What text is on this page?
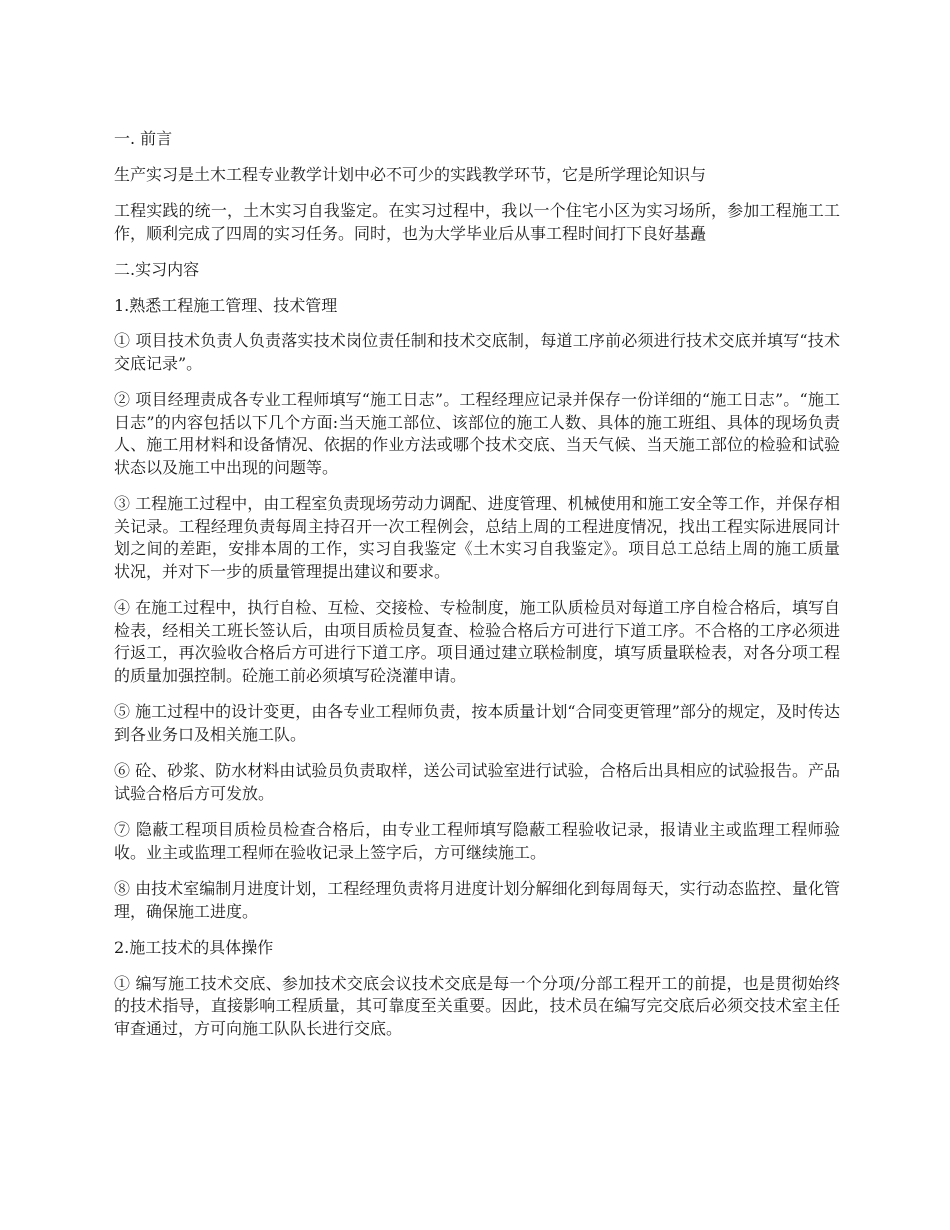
一. 前言

生产实习是土木工程专业教学计划中必不可少的实践教学环节，它是所学理论知识与

工程实践的统一，土木实习自我鉴定。在实习过程中，我以一个住宅小区为实习场所，参加工程施工工作，顺利完成了四周的实习任务。同时，也为大学毕业后从事工程时间打下良好基矗

二.实习内容

1.熟悉工程施工管理、技术管理

① 项目技术负责人负责落实技术岗位责任制和技术交底制，每道工序前必须进行技术交底并填写“技术交底记录”。

② 项目经理责成各专业工程师填写“施工日志”。工程经理应记录并保存一份详细的“施工日志”。“施工日志”的内容包括以下几个方面:当天施工部位、该部位的施工人数、具体的施工班组、具体的现场负责人、施工用材料和设备情况、依据的作业方法或哪个技术交底、当天气候、当天施工部位的检验和试验状态以及施工中出现的问题等。

③ 工程施工过程中，由工程室负责现场劳动力调配、进度管理、机械使用和施工安全等工作，并保存相关记录。工程经理负责每周主持召开一次工程例会，总结上周的工程进度情况，找出工程实际进展同计划之间的差距，安排本周的工作，实习自我鉴定《土木实习自我鉴定》。项目总工总结上周的施工质量状况，并对下一步的质量管理提出建议和要求。

④ 在施工过程中，执行自检、互检、交接检、专检制度，施工队质检员对每道工序自检合格后，填写自检表，经相关工班长签认后，由项目质检员复查、检验合格后方可进行下道工序。不合格的工序必须进行返工，再次验收合格后方可进行下道工序。项目通过建立联检制度，填写质量联检表，对各分项工程的质量加强控制。砼施工前必须填写砼浇灌申请。

⑤ 施工过程中的设计变更，由各专业工程师负责，按本质量计划“合同变更管理”部分的规定，及时传达到各业务口及相关施工队。

⑥ 砼、砂浆、防水材料由试验员负责取样，送公司试验室进行试验，合格后出具相应的试验报告。产品试验合格后方可发放。

⑦ 隐蔽工程项目质检员检查合格后，由专业工程师填写隐蔽工程验收记录，报请业主或监理工程师验收。业主或监理工程师在验收记录上签字后，方可继续施工。

⑧ 由技术室编制月进度计划，工程经理负责将月进度计划分解细化到每周每天，实行动态监控、量化管理，确保施工进度。

2.施工技术的具体操作

① 编写施工技术交底、参加技术交底会议技术交底是每一个分项/分部工程开工的前提，也是贯彻始终的技术指导，直接影响工程质量，其可靠度至关重要。因此，技术员在编写完交底后必须交技术室主任审查通过，方可向施工队队长进行交底。
